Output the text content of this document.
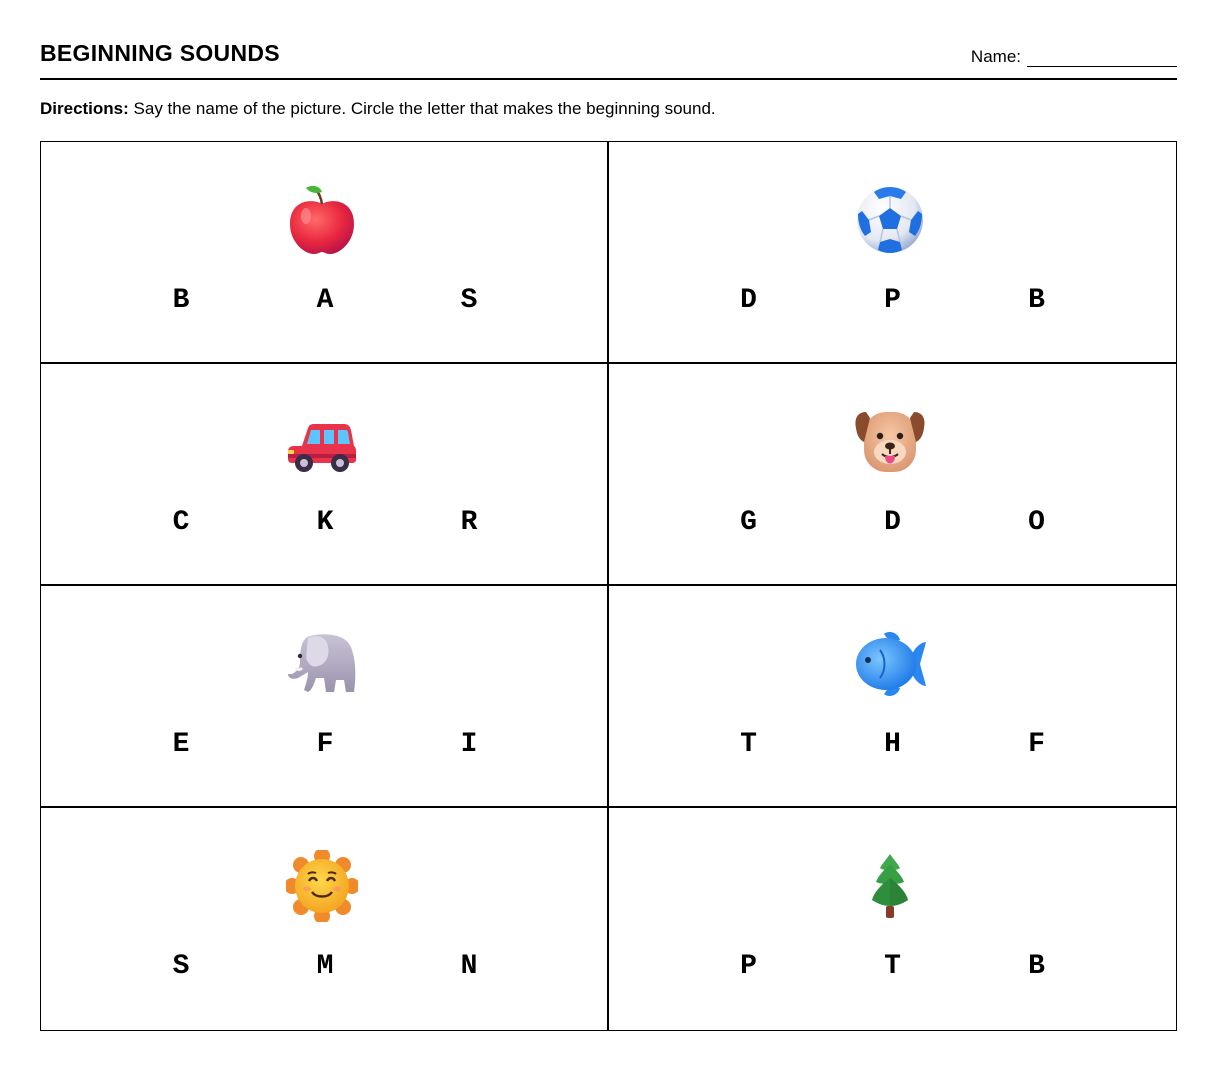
BEGINNING SOUNDS	Name:
Directions: Say the name of the picture. Circle the letter that makes the beginning sound.
B	A	S	D	P	B
C	K	R	G	D	O
E	F	I	T	H	F
S	M	N	P	T	B
